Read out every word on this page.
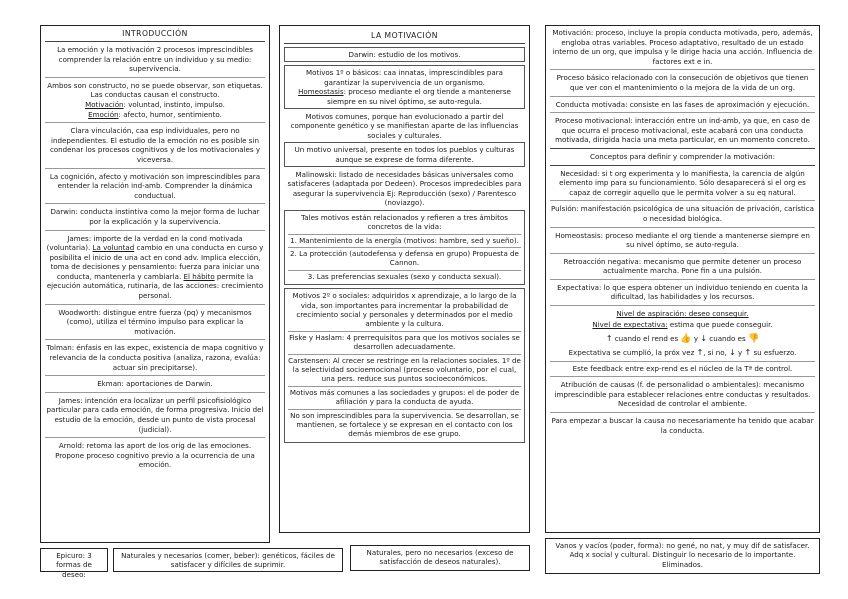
INTRODUCCIÓN
La emoción y la motivación 2 procesos imprescindibles comprender la relación entre un individuo y su medio: supervivencia.
Ambos son constructo, no se puede observar, son etiquetas. Las conductas causan el constructo.
Motivación: voluntad, instinto, impulso.
Emoción: afecto, humor, sentimiento.
Clara vinculación, caa esp individuales, pero no independientes. El estudio de la emoción no es posible sin condenar los procesos cognitivos y de los motivacionales y viceversa.
La cognición, afecto y motivación son imprescindibles para entender la relación ind-amb. Comprender la dinámica conductual.
Darwin: conducta instintiva como la mejor forma de luchar por la explicación y la supervivencia.
James: importe de la verdad en la cond motivada (voluntaria). La voluntad cambio en una conducta en curso y posibilita el inicio de una act en cond adv. Implica elección, toma de decisiones y pensamiento: fuerza para iniciar una conducta, mantenerla y cambiarla. El hábito permite la ejecución automática, rutinaria, de las acciones: crecimiento personal.
Woodworth: distingue entre fuerza (pq) y mecanismos (como), utiliza el término impulso para explicar la motivación.
Tolman: énfasis en las expec, existencia de mapa cognitivo y relevancia de la conducta positiva (analiza, razona, evalúa: actuar sin precipitarse).
Ekman: aportaciones de Darwin.
James: intención era localizar un perfil psicofisiológico particular para cada emoción, de forma progresiva. Inicio del estudio de la emoción, desde un punto de vista procesal (judicial).
Arnold: retoma las aport de los orig de las emociones. Propone proceso cognitivo previo a la ocurrencia de una emoción.
LA MOTIVACIÓN
Darwin: estudio de los motivos.
Motivos 1º o básicos: caa innatas, imprescindibles para garantizar la supervivencia de un organismo.
Homeostasis: proceso mediante el org tiende a mantenerse siempre en su nivel óptimo, se auto-regula.
Motivos comunes, porque han evolucionado a partir del componente genético y se manifiestan aparte de las influencias sociales y culturales.
Un motivo universal, presente en todos los pueblos y culturas aunque se exprese de forma diferente.
Malinowski: listado de necesidades básicas universales como satisfaceres (adaptada por Dedeen). Procesos impredecibles para asegurar la supervivencia Ej: Reproducción (sexo) / Parentesco (noviazgo).
Tales motivos están relacionados y refieren a tres ámbitos concretos de la vida:
1. Mantenimiento de la energía (motivos: hambre, sed y sueño).
2. La protección (autodefensa y defensa en grupo) Propuesta de Cannon.
3. Las preferencias sexuales (sexo y conducta sexual).
Motivos 2º o sociales: adquiridos x aprendizaje, a lo largo de la vida, son importantes para incrementar la probabilidad de crecimiento social y personales y determinados por el medio ambiente y la cultura.
Fiske y Haslam: 4 prerrequisitos para que los motivos sociales se desarrollen adecuadamente.
Carstensen: Al crecer se restringe en la relaciones sociales. 1º de la selectividad socioemocional (proceso voluntario, por el cual, una pers. reduce sus puntos socioeconómicos.
Motivos más comunes a las sociedades y grupos: el de poder de afiliación y para la conducta de ayuda.
No son imprescindibles para la supervivencia. Se desarrollan, se mantienen, se fortalece y se expresan en el contacto con los demás miembros de ese grupo.
Motivación: proceso, incluye la propia conducta motivada, pero, además, engloba otras variables. Proceso adaptativo, resultado de un estado interno de un org, que impulsa y le dirige hacia una acción. Influencia de factores ext e in.
Proceso básico relacionado con la consecución de objetivos que tienen que ver con el mantenimiento o la mejora de la vida de un org.
Conducta motivada: consiste en las fases de aproximación y ejecución.
Proceso motivacional: interacción entre un ind-amb, ya que, en caso de que ocurra el proceso motivacional, este acabará con una conducta motivada, dirigida hacia una meta particular, en un momento concreto.
Conceptos para definir y comprender la motivación:
Necesidad: si t org experimenta y lo manifiesta, la carencia de algún elemento imp para su funcionamiento. Sólo desaparecerá si el org es capaz de corregir aquello que le permita volver a su eq natural.
Pulsión: manifestación psicológica de una situación de privación, carística o necesidad biológica.
Homeostasis: proceso mediante el org tiende a mantenerse siempre en su nivel óptimo, se auto-regula.
Retroacción negativa: mecanismo que permite detener un proceso actualmente marcha. Pone fin a una pulsión.
Expectativa: lo que espera obtener un individuo teniendo en cuenta la dificultad, las habilidades y los recursos.
Nivel de aspiración: deseo conseguir.
Nivel de expectativa: estima que puede conseguir.
↑ cuando el rend es 👍 y ↓ cuando es 👎
Expectativa se cumplió, la próx vez ↑, si no, ↓ y ↑ su esfuerzo.
Este feedback entre exp-rend es el núcleo de la Tª de control.
Atribución de causas (f. de personalidad o ambientales): mecanismo imprescindible para establecer relaciones entre conductas y resultados. Necesidad de controlar el ambiente.
Para empezar a buscar la causa no necesariamente ha tenido que acabar la conducta.
Epicuro: 3 formas de deseo:
Naturales y necesarios (comer, beber): genéticos, fáciles de satisfacer y difíciles de suprimir.
Naturales, pero no necesarios (exceso de satisfacción de deseos naturales).
Vanos y vacíos (poder, forma): no gené, no nat, y muy dif de satisfacer. Adq x social y cultural. Distinguir lo necesario de lo importante. Eliminados.
